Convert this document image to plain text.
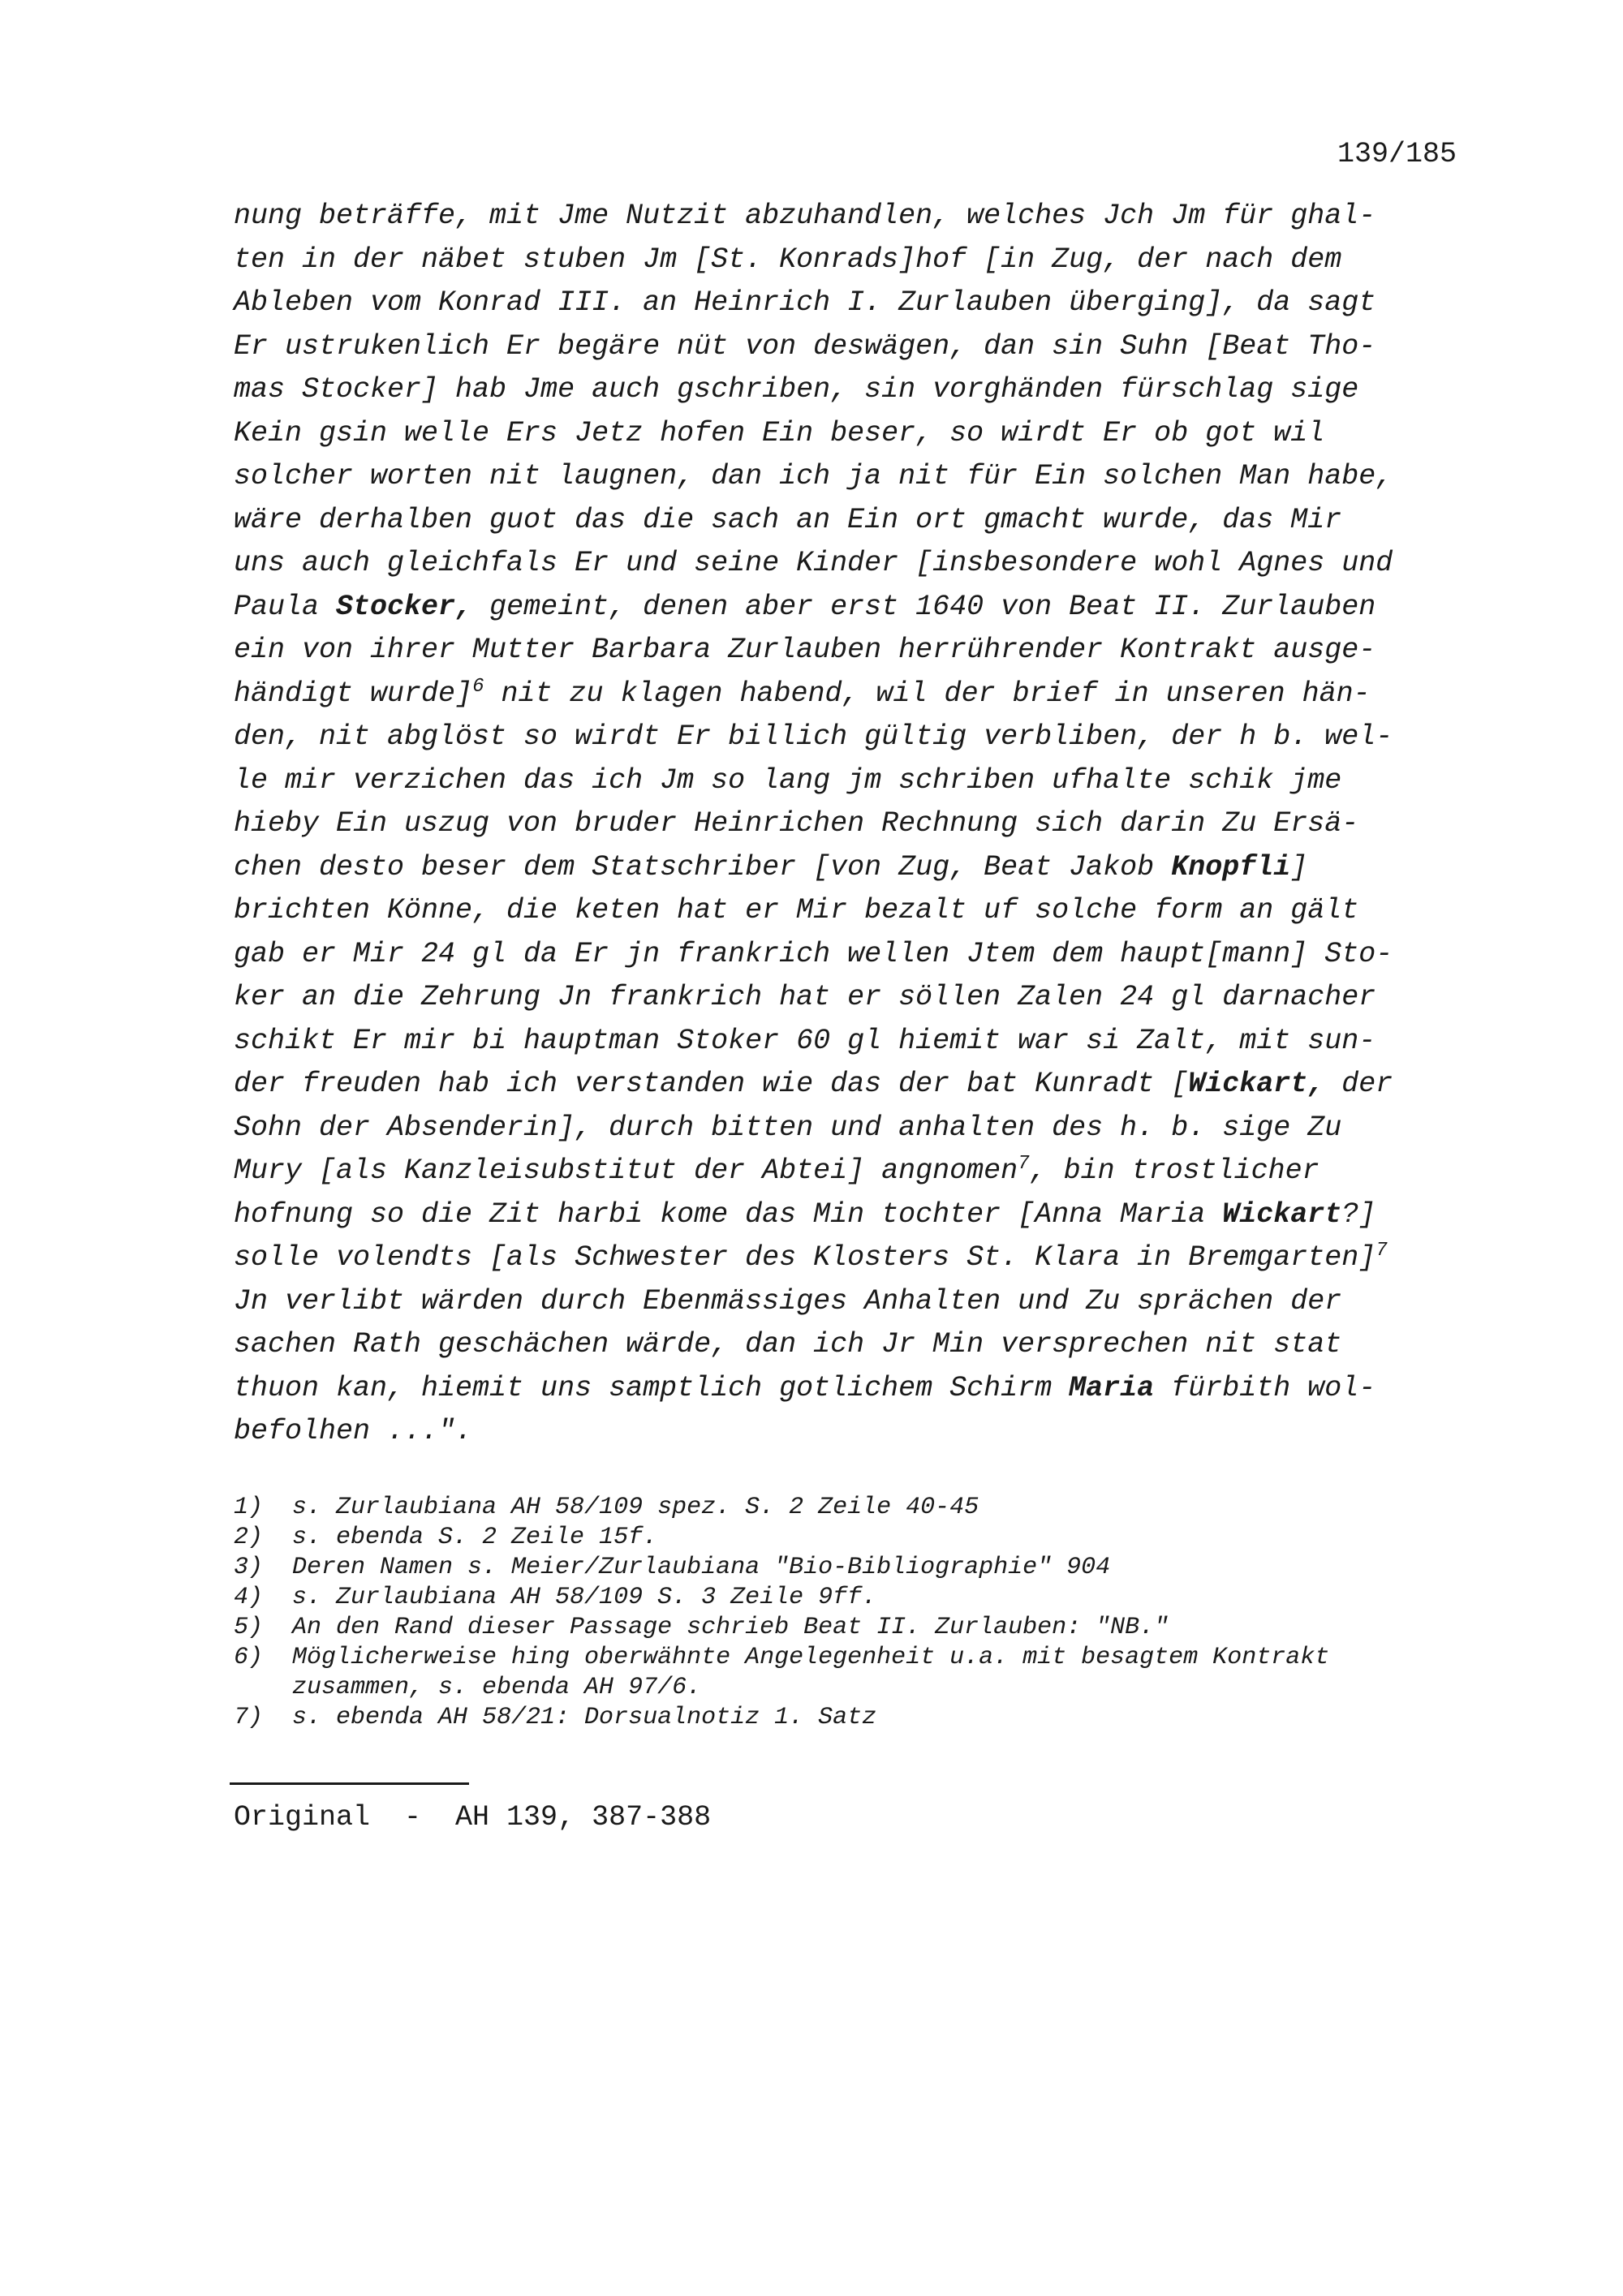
139/185
nung beträffe, mit Jme Nutzit abzuhandlen, welches Jch Jm für ghal-
ten in der näbet stuben Jm [St. Konrads]hof [in Zug, der nach dem
Ableben vom Konrad III. an Heinrich I. Zurlauben überging], da sagt
Er ustrukenlich Er begäre nüt von deswägen, dan sin Suhn [Beat Tho-
mas Stocker] hab Jme auch gschriben, sin vorghänden fürschlag sige
Kein gsin welle Ers Jetz hofen Ein beser, so wirdt Er ob got wil
solcher worten nit laugnen, dan ich ja nit für Ein solchen Man habe,
wäre derhalben guot das die sach an Ein ort gmacht wurde, das Mir
uns auch gleichfals Er und seine Kinder [insbesondere wohl Agnes und
Paula Stocker, gemeint, denen aber erst 1640 von Beat II. Zurlauben
ein von ihrer Mutter Barbara Zurlauben herrührender Kontrakt ausge-
händigt wurde]$^6$ nit zu klagen habend, wil der brief in unseren hän-
den, nit abglöst so wirdt Er billich gültig verbliben, der h b. wel-
le mir verzichen das ich Jm so lang jm schriben ufhalte schik jme
hieby Ein uszug von bruder Heinrichen Rechnung sich darin Zu Ersä-
chen desto beser dem Statschriber [von Zug, Beat Jakob Knopfli]
brichten Könne, die keten hat er Mir bezalt uf solche form an gält
gab er Mir 24 gl da Er jn frankrich wellen Jtem dem haupt[mann] Sto-
ker an die Zehrung Jn frankrich hat er söllen Zalen 24 gl darnacher
schikt Er mir bi hauptman Stoker 60 gl hiemit war si Zalt, mit sun-
der freuden hab ich verstanden wie das der bat Kunradt [Wickart, der
Sohn der Absenderin], durch bitten und anhalten des h. b. sige Zu
Mury [als Kanzleisubstitut der Abtei] angnomen$^7$, bin trostlicher
hofnung so die Zit harbi kome das Min tochter [Anna Maria Wickart?]
solle volendts [als Schwester des Klosters St. Klara in Bremgarten]$^7$
Jn verlibt wärden durch Ebenmässiges Anhalten und Zu sprächen der
sachen Rath geschächen wärde, dan ich Jr Min versprechen nit stat
thuon kan, hiemit uns samptlich gotlichem Schirm Maria fürbith wol-
befolhen ...".
1)	s. Zurlaubiana AH 58/109 spez. S. 2 Zeile 40-45
2)	s. ebenda S. 2 Zeile 15f.
3)	Deren Namen s. Meier/Zurlaubiana "Bio-Bibliographie" 904
4)	s. Zurlaubiana AH 58/109 S. 3 Zeile 9ff.
5)	An den Rand dieser Passage schrieb Beat II. Zurlauben: "NB."
6)	Möglicherweise hing oberwähnte Angelegenheit u.a. mit besagtem Kontrakt
zusammen, s. ebenda AH 97/6.
7)	s. ebenda AH 58/21: Dorsualnotiz 1. Satz
Original  -  AH 139, 387-388
